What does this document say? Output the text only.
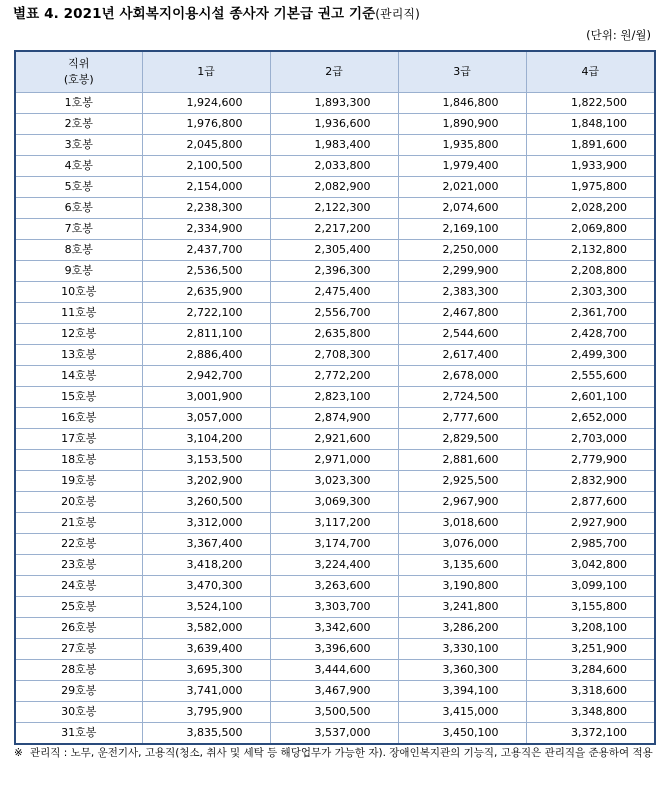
별표 4. 2021년 사회복지이용시설 종사자 기본급 권고 기준(관리직)
(단위: 원/월)
직위
(호봉)	1급	2급	3급	4급
1호봉	1,924,600	1,893,300	1,846,800	1,822,500
2호봉	1,976,800	1,936,600	1,890,900	1,848,100
3호봉	2,045,800	1,983,400	1,935,800	1,891,600
4호봉	2,100,500	2,033,800	1,979,400	1,933,900
5호봉	2,154,000	2,082,900	2,021,000	1,975,800
6호봉	2,238,300	2,122,300	2,074,600	2,028,200
7호봉	2,334,900	2,217,200	2,169,100	2,069,800
8호봉	2,437,700	2,305,400	2,250,000	2,132,800
9호봉	2,536,500	2,396,300	2,299,900	2,208,800
10호봉	2,635,900	2,475,400	2,383,300	2,303,300
11호봉	2,722,100	2,556,700	2,467,800	2,361,700
12호봉	2,811,100	2,635,800	2,544,600	2,428,700
13호봉	2,886,400	2,708,300	2,617,400	2,499,300
14호봉	2,942,700	2,772,200	2,678,000	2,555,600
15호봉	3,001,900	2,823,100	2,724,500	2,601,100
16호봉	3,057,000	2,874,900	2,777,600	2,652,000
17호봉	3,104,200	2,921,600	2,829,500	2,703,000
18호봉	3,153,500	2,971,000	2,881,600	2,779,900
19호봉	3,202,900	3,023,300	2,925,500	2,832,900
20호봉	3,260,500	3,069,300	2,967,900	2,877,600
21호봉	3,312,000	3,117,200	3,018,600	2,927,900
22호봉	3,367,400	3,174,700	3,076,000	2,985,700
23호봉	3,418,200	3,224,400	3,135,600	3,042,800
24호봉	3,470,300	3,263,600	3,190,800	3,099,100
25호봉	3,524,100	3,303,700	3,241,800	3,155,800
26호봉	3,582,000	3,342,600	3,286,200	3,208,100
27호봉	3,639,400	3,396,600	3,330,100	3,251,900
28호봉	3,695,300	3,444,600	3,360,300	3,284,600
29호봉	3,741,000	3,467,900	3,394,100	3,318,600
30호봉	3,795,900	3,500,500	3,415,000	3,348,800
31호봉	3,835,500	3,537,000	3,450,100	3,372,100
※ 관리직 : 노무, 운전기사, 고용직(청소, 취사 및 세탁 등 해당업무가 가능한 자). 장애인복지관의 기능직, 고용직은 관리직을 준용하여 적용
